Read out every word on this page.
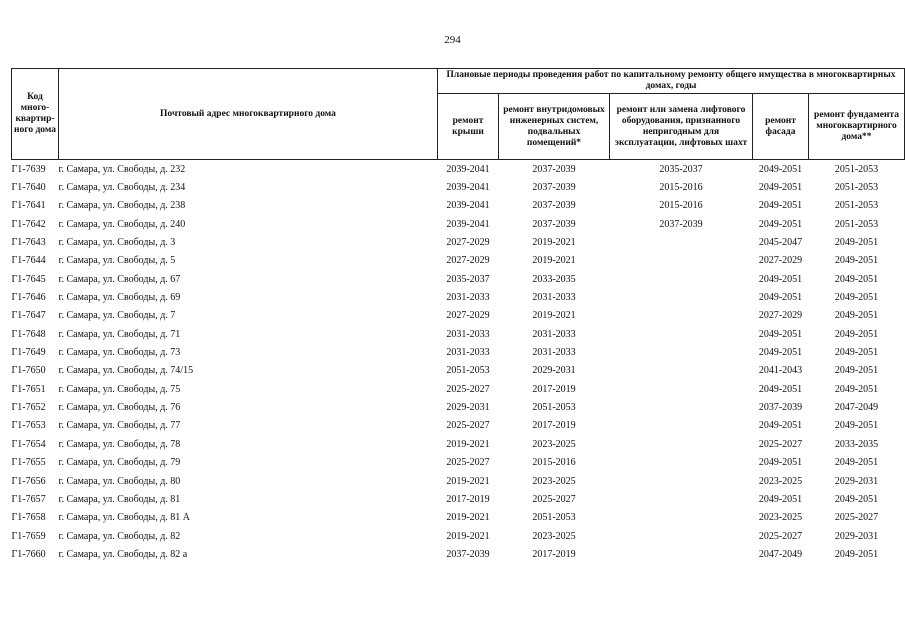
294
Код много-квартир-ного дома	Почтовый адрес многоквартирного дома	Плановые периоды проведения работ по капитальному ремонту общего имущества в многоквартирных домах, годы				
		ремонт крыши	ремонт внутридомовых инженерных систем, подвальных помещений*	ремонт или замена лифтового оборудования, признанного непригодным для эксплуатации, лифтовых шахт	ремонт фасада	ремонт фундамента многоквартирного дома**
Г1-7639	г. Самара, ул. Свободы, д. 232	2039-2041	2037-2039	2035-2037	2049-2051	2051-2053
Г1-7640	г. Самара, ул. Свободы, д. 234	2039-2041	2037-2039	2015-2016	2049-2051	2051-2053
Г1-7641	г. Самара, ул. Свободы, д. 238	2039-2041	2037-2039	2015-2016	2049-2051	2051-2053
Г1-7642	г. Самара, ул. Свободы, д. 240	2039-2041	2037-2039	2037-2039	2049-2051	2051-2053
Г1-7643	г. Самара, ул. Свободы, д. 3	2027-2029	2019-2021		2045-2047	2049-2051
Г1-7644	г. Самара, ул. Свободы, д. 5	2027-2029	2019-2021		2027-2029	2049-2051
Г1-7645	г. Самара, ул. Свободы, д. 67	2035-2037	2033-2035		2049-2051	2049-2051
Г1-7646	г. Самара, ул. Свободы, д. 69	2031-2033	2031-2033		2049-2051	2049-2051
Г1-7647	г. Самара, ул. Свободы, д. 7	2027-2029	2019-2021		2027-2029	2049-2051
Г1-7648	г. Самара, ул. Свободы, д. 71	2031-2033	2031-2033		2049-2051	2049-2051
Г1-7649	г. Самара, ул. Свободы, д. 73	2031-2033	2031-2033		2049-2051	2049-2051
Г1-7650	г. Самара, ул. Свободы, д. 74/15	2051-2053	2029-2031		2041-2043	2049-2051
Г1-7651	г. Самара, ул. Свободы, д. 75	2025-2027	2017-2019		2049-2051	2049-2051
Г1-7652	г. Самара, ул. Свободы, д. 76	2029-2031	2051-2053		2037-2039	2047-2049
Г1-7653	г. Самара, ул. Свободы, д. 77	2025-2027	2017-2019		2049-2051	2049-2051
Г1-7654	г. Самара, ул. Свободы, д. 78	2019-2021	2023-2025		2025-2027	2033-2035
Г1-7655	г. Самара, ул. Свободы, д. 79	2025-2027	2015-2016		2049-2051	2049-2051
Г1-7656	г. Самара, ул. Свободы, д. 80	2019-2021	2023-2025		2023-2025	2029-2031
Г1-7657	г. Самара, ул. Свободы, д. 81	2017-2019	2025-2027		2049-2051	2049-2051
Г1-7658	г. Самара, ул. Свободы, д. 81 А	2019-2021	2051-2053		2023-2025	2025-2027
Г1-7659	г. Самара, ул. Свободы, д. 82	2019-2021	2023-2025		2025-2027	2029-2031
Г1-7660	г. Самара, ул. Свободы, д. 82 а	2037-2039	2017-2019		2047-2049	2049-2051
